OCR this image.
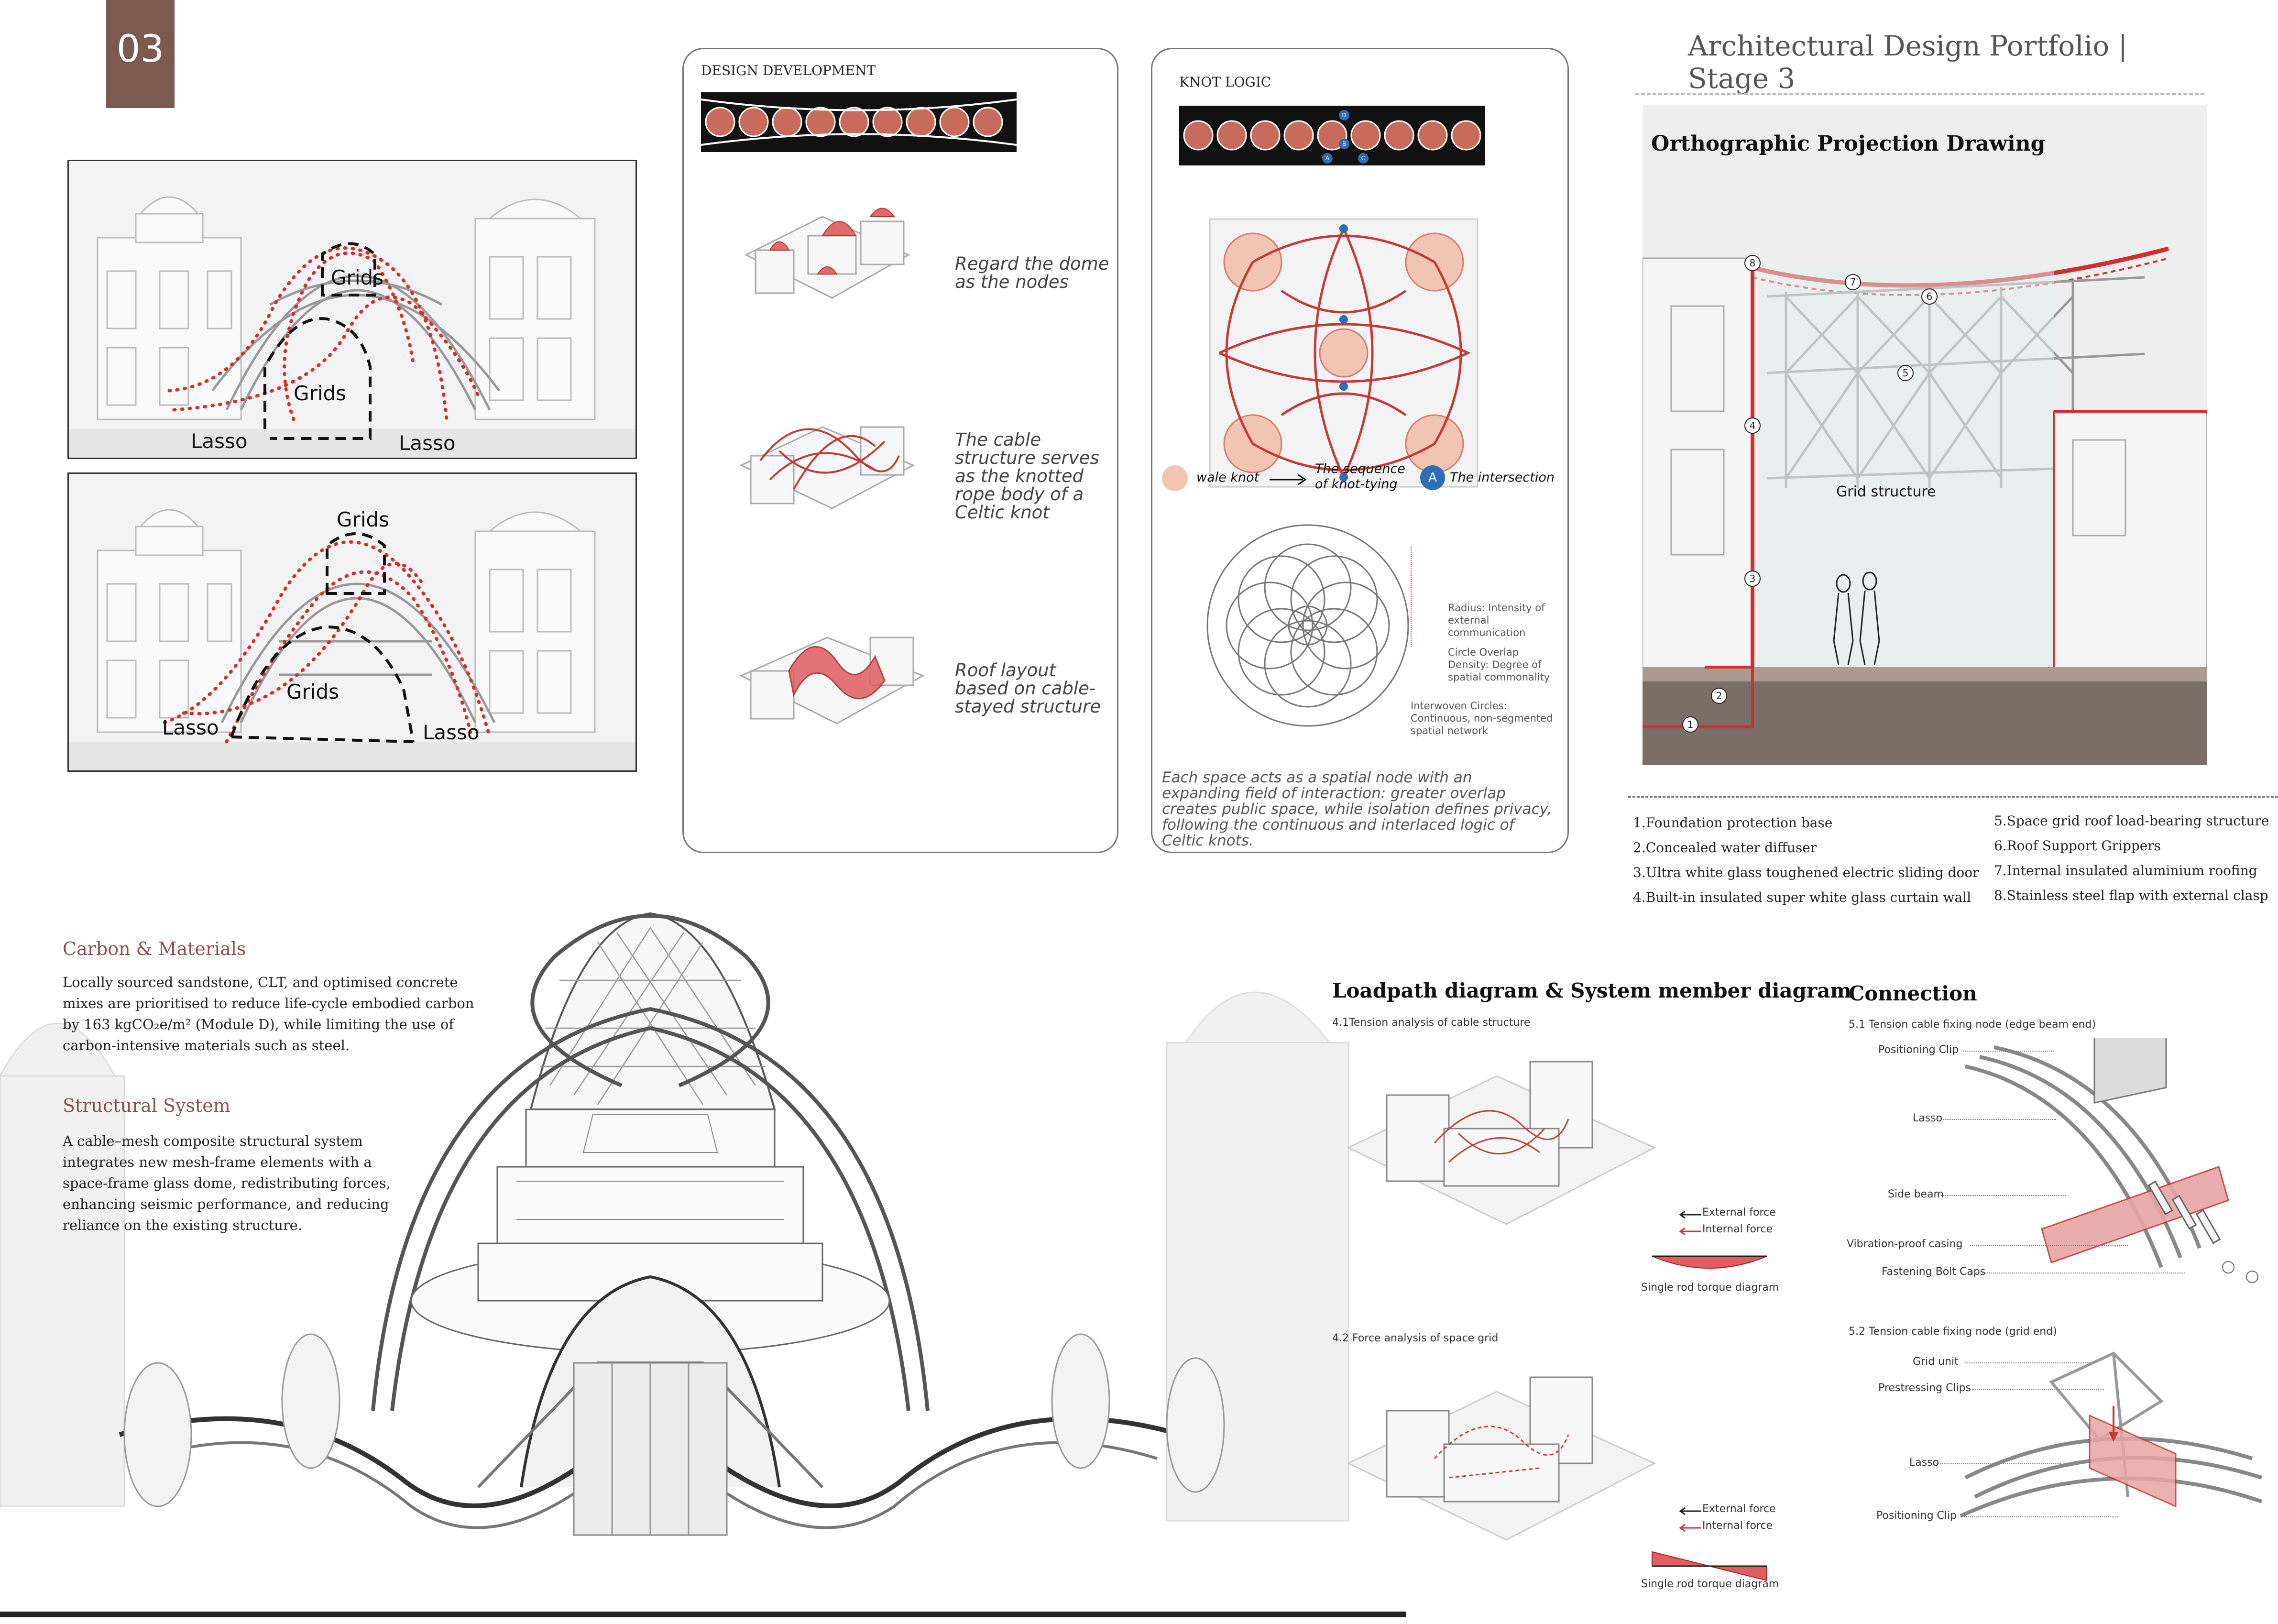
03	Architectural Design Portfolio | Stage 3
Grids
Grids
Lasso	Lasso
Grids
Grids
Lasso	Lasso
DESIGN DEVELOPMENT
Regard the dome as the nodes
The cable structure serves as the knotted rope body of a Celtic knot
Roof layout based on cable-stayed structure
KNOT LOGIC
A
B
C
D
wale knot
The sequence of knot-tying	A	The intersection
Radius: Intensity of external communication
Circle Overlap Density: Degree of spatial commonality
Interwoven Circles: Continuous, non-segmented spatial network
Each space acts as a spatial node with an expanding field of interaction: greater overlap creates public space, while isolation defines privacy, following the continuous and interlaced logic of Celtic knots.
1
2
3
4
5
6
7
8
Grid structure
Orthographic Projection Drawing
1.Foundation protection base
2.Concealed water diffuser
3.Ultra white glass toughened electric sliding door
4.Built-in insulated super white glass curtain wall
5.Space grid roof load-bearing structure
6.Roof Support Grippers
7.Internal insulated aluminium roofing
8.Stainless steel flap with external clasp
Carbon & Materials
Locally sourced sandstone, CLT, and optimised concrete mixes are prioritised to reduce life-cycle embodied carbon by 163 kgCO₂e/m² (Module D), while limiting the use of carbon-intensive materials such as steel.
Structural System
A cable–mesh composite structural system integrates new mesh-frame elements with a space-frame glass dome, redistributing forces, enhancing seismic performance, and reducing reliance on the existing structure.
Loadpath diagram & System member diagram
4.1Tension analysis of cable structure
External force
Internal force
Single rod torque diagram
4.2 Force analysis of space grid
External force
Internal force
Single rod torque diagram
Connection
5.1 Tension cable fixing node (edge beam end)
Positioning Clip
Lasso
Side beam
Vibration-proof casing
Fastening Bolt Caps
5.2 Tension cable fixing node (grid end)
Grid unit
Prestressing Clips
Lasso
Positioning Clip
